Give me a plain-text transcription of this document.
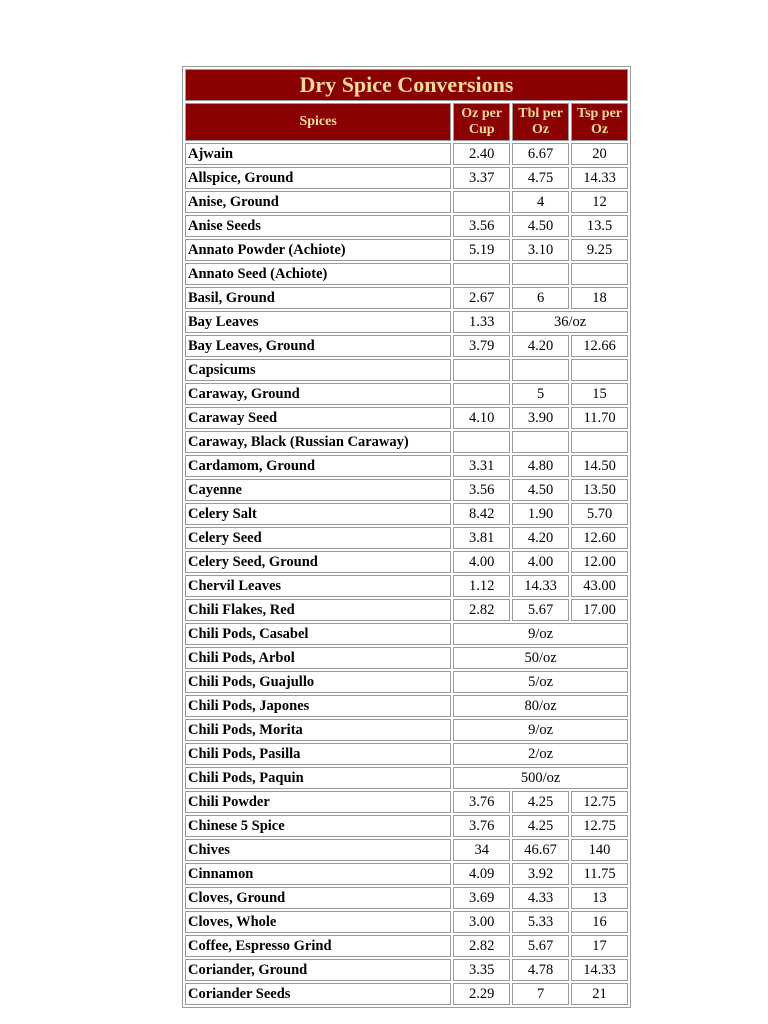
Dry Spice Conversions			
Spices	Oz per Cup	Tbl per Oz	Tsp per Oz
Ajwain	2.40	6.67	20
Allspice, Ground	3.37	4.75	14.33
Anise, Ground		4	12
Anise Seeds	3.56	4.50	13.5
Annato Powder (Achiote)	5.19	3.10	9.25
Annato Seed (Achiote)			
Basil, Ground	2.67	6	18
Bay Leaves	1.33	36/oz	
Bay Leaves, Ground	3.79	4.20	12.66
Capsicums			
Caraway, Ground		5	15
Caraway Seed	4.10	3.90	11.70
Caraway, Black (Russian Caraway)			
Cardamom, Ground	3.31	4.80	14.50
Cayenne	3.56	4.50	13.50
Celery Salt	8.42	1.90	5.70
Celery Seed	3.81	4.20	12.60
Celery Seed, Ground	4.00	4.00	12.00
Chervil Leaves	1.12	14.33	43.00
Chili Flakes, Red	2.82	5.67	17.00
Chili Pods, Casabel	9/oz		
Chili Pods, Arbol	50/oz		
Chili Pods, Guajullo	5/oz		
Chili Pods, Japones	80/oz		
Chili Pods, Morita	9/oz		
Chili Pods, Pasilla	2/oz		
Chili Pods, Paquin	500/oz		
Chili Powder	3.76	4.25	12.75
Chinese 5 Spice	3.76	4.25	12.75
Chives	34	46.67	140
Cinnamon	4.09	3.92	11.75
Cloves, Ground	3.69	4.33	13
Cloves, Whole	3.00	5.33	16
Coffee, Espresso Grind	2.82	5.67	17
Coriander, Ground	3.35	4.78	14.33
Coriander Seeds	2.29	7	21
